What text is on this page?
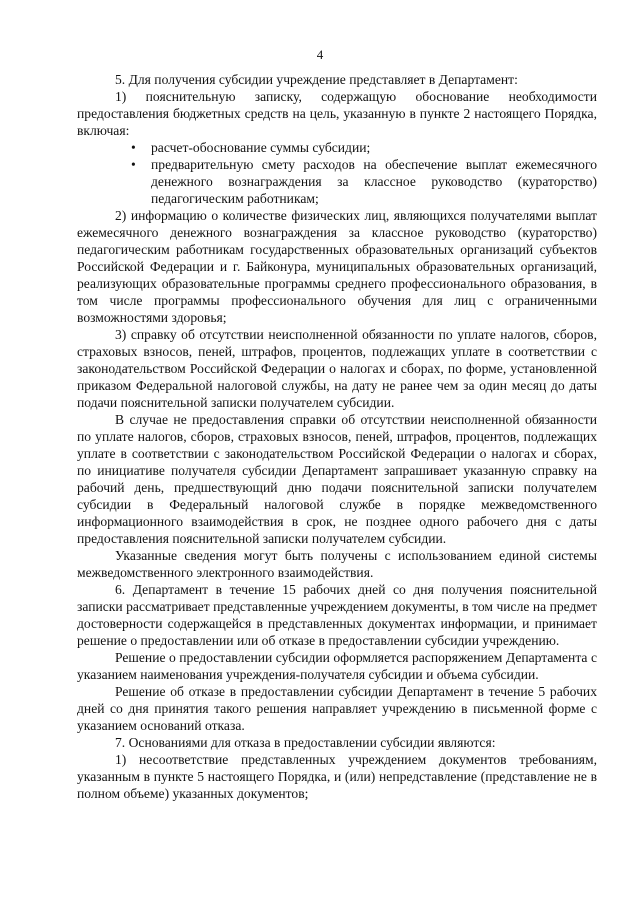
4

5. Для получения субсидии учреждение представляет в Департамент:

1) пояснительную записку, содержащую обоснование необходимости предоставления бюджетных средств на цель, указанную в пункте 2 настоящего Порядка, включая:

• расчет-обоснование суммы субсидии;
• предварительную смету расходов на обеспечение выплат ежемесячного денежного вознаграждения за классное руководство (кураторство) педагогическим работникам;

2) информацию о количестве физических лиц, являющихся получателями выплат ежемесячного денежного вознаграждения за классное руководство (кураторство) педагогическим работникам государственных образовательных организаций субъектов Российской Федерации и г. Байконура, муниципальных образовательных организаций, реализующих образовательные программы среднего профессионального образования, в том числе программы профессионального обучения для лиц с ограниченными возможностями здоровья;

3) справку об отсутствии неисполненной обязанности по уплате налогов, сборов, страховых взносов, пеней, штрафов, процентов, подлежащих уплате в соответствии с законодательством Российской Федерации о налогах и сборах, по форме, установленной приказом Федеральной налоговой службы, на дату не ранее чем за один месяц до даты подачи пояснительной записки получателем субсидии.

В случае не предоставления справки об отсутствии неисполненной обязанности по уплате налогов, сборов, страховых взносов, пеней, штрафов, процентов, подлежащих уплате в соответствии с законодательством Российской Федерации о налогах и сборах, по инициативе получателя субсидии Департамент запрашивает указанную справку на рабочий день, предшествующий дню подачи пояснительной записки получателем субсидии в Федеральный налоговой службе в порядке межведомственного информационного взаимодействия в срок, не позднее одного рабочего дня с даты предоставления пояснительной записки получателем субсидии.

Указанные сведения могут быть получены с использованием единой системы межведомственного электронного взаимодействия.

6. Департамент в течение 15 рабочих дней со дня получения пояснительной записки рассматривает представленные учреждением документы, в том числе на предмет достоверности содержащейся в представленных документах информации, и принимает решение о предоставлении или об отказе в предоставлении субсидии учреждению.

Решение о предоставлении субсидии оформляется распоряжением Департамента с указанием наименования учреждения-получателя субсидии и объема субсидии.

Решение об отказе в предоставлении субсидии Департамент в течение 5 рабочих дней со дня принятия такого решения направляет учреждению в письменной форме с указанием оснований отказа.

7. Основаниями для отказа в предоставлении субсидии являются:

1) несоответствие представленных учреждением документов требованиям, указанным в пункте 5 настоящего Порядка, и (или) непредставление (представление не в полном объеме) указанных документов;
